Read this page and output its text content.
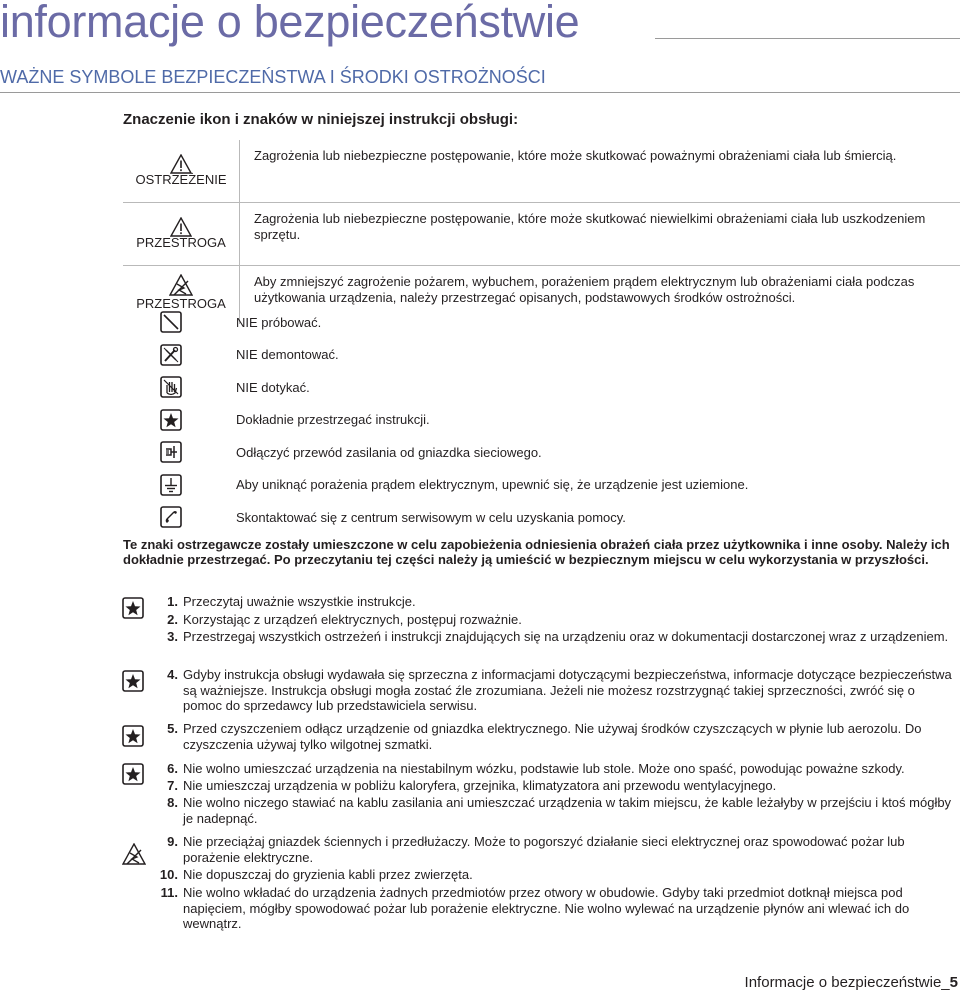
informacje o bezpieczeństwie
WAŻNE SYMBOLE BEZPIECZEŃSTWA I ŚRODKI OSTROŻNOŚCI
Znaczenie ikon i znaków w niniejszej instrukcji obsługi:
OSTRZEŻENIE	Zagrożenia lub niebezpieczne postępowanie, które może skutkować poważnymi obrażeniami ciała lub śmiercią.

PRZESTROGA	Zagrożenia lub niebezpieczne postępowanie, które może skutkować niewielkimi obrażeniami ciała lub uszkodzeniem sprzętu.

PRZESTROGA	Aby zmniejszyć zagrożenie pożarem, wybuchem, porażeniem prądem elektrycznym lub obrażeniami ciała podczas użytkowania urządzenia, należy przestrzegać opisanych, podstawowych środków ostrożności.
NIE próbować.
NIE demontować.
NIE dotykać.
Dokładnie przestrzegać instrukcji.
Odłączyć przewód zasilania od gniazdka sieciowego.
Aby uniknąć porażenia prądem elektrycznym, upewnić się, że urządzenie jest uziemione.
Skontaktować się z centrum serwisowym w celu uzyskania pomocy.

Te znaki ostrzegawcze zostały umieszczone w celu zapobieżenia odniesienia obrażeń ciała przez użytkownika i inne osoby. Należy ich dokładnie przestrzegać. Po przeczytaniu tej części należy ją umieścić w bezpiecznym miejscu w celu wykorzystania w przyszłości.

1. Przeczytaj uważnie wszystkie instrukcje.
2. Korzystając z urządzeń elektrycznych, postępuj rozważnie.
3. Przestrzegaj wszystkich ostrzeżeń i instrukcji znajdujących się na urządzeniu oraz w dokumentacji dostarczonej wraz z urządzeniem.
4. Gdyby instrukcja obsługi wydawała się sprzeczna z informacjami dotyczącymi bezpieczeństwa, informacje dotyczące bezpieczeństwa są ważniejsze. Instrukcja obsługi mogła zostać źle zrozumiana. Jeżeli nie możesz rozstrzygnąć takiej sprzeczności, zwróć się o pomoc do sprzedawcy lub przedstawiciela serwisu.
5. Przed czyszczeniem odłącz urządzenie od gniazdka elektrycznego. Nie używaj środków czyszczących w płynie lub aerozolu. Do czyszczenia używaj tylko wilgotnej szmatki.
6. Nie wolno umieszczać urządzenia na niestabilnym wózku, podstawie lub stole. Może ono spaść, powodując poważne szkody.
7. Nie umieszczaj urządzenia w pobliżu kaloryfera, grzejnika, klimatyzatora ani przewodu wentylacyjnego.
8. Nie wolno niczego stawiać na kablu zasilania ani umieszczać urządzenia w takim miejscu, że kable leżałyby w przejściu i ktoś mógłby je nadepnąć.
9. Nie przeciążaj gniazdek ściennych i przedłużaczy. Może to pogorszyć działanie sieci elektrycznej oraz spowodować pożar lub porażenie elektryczne.
10. Nie dopuszczaj do gryzienia kabli przez zwierzęta.
11. Nie wolno wkładać do urządzenia żadnych przedmiotów przez otwory w obudowie. Gdyby taki przedmiot dotknął miejsca pod napięciem, mógłby spowodować pożar lub porażenie elektryczne. Nie wolno wylewać na urządzenie płynów ani wlewać ich do wewnątrz.
Informacje o bezpieczeństwie_5
